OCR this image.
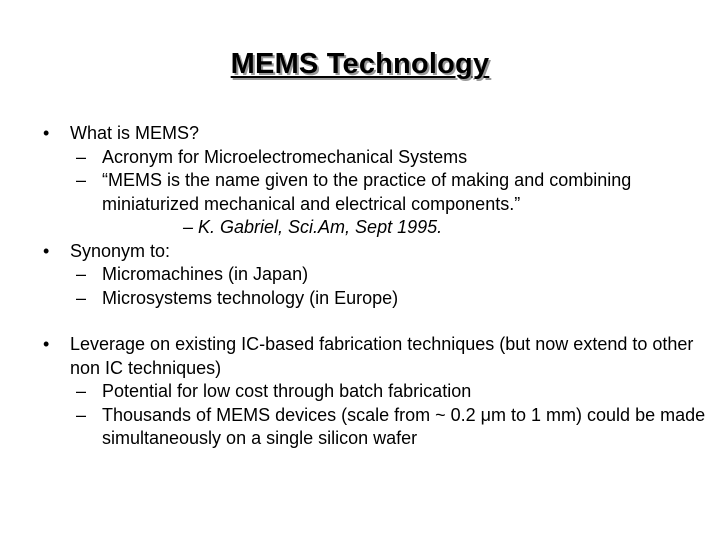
MEMS Technology
• What is MEMS?
– Acronym for Microelectromechanical Systems
– “MEMS is the name given to the practice of making and combining miniaturized mechanical and electrical components.”
– K. Gabriel, Sci.Am, Sept 1995.
• Synonym to:
– Micromachines (in Japan)
– Microsystems technology (in Europe)
• Leverage on existing IC-based fabrication techniques (but now extend to other non IC techniques)
– Potential for low cost through batch fabrication
– Thousands of MEMS devices (scale from ~ 0.2 μm to 1 mm) could be made simultaneously on a single silicon wafer
